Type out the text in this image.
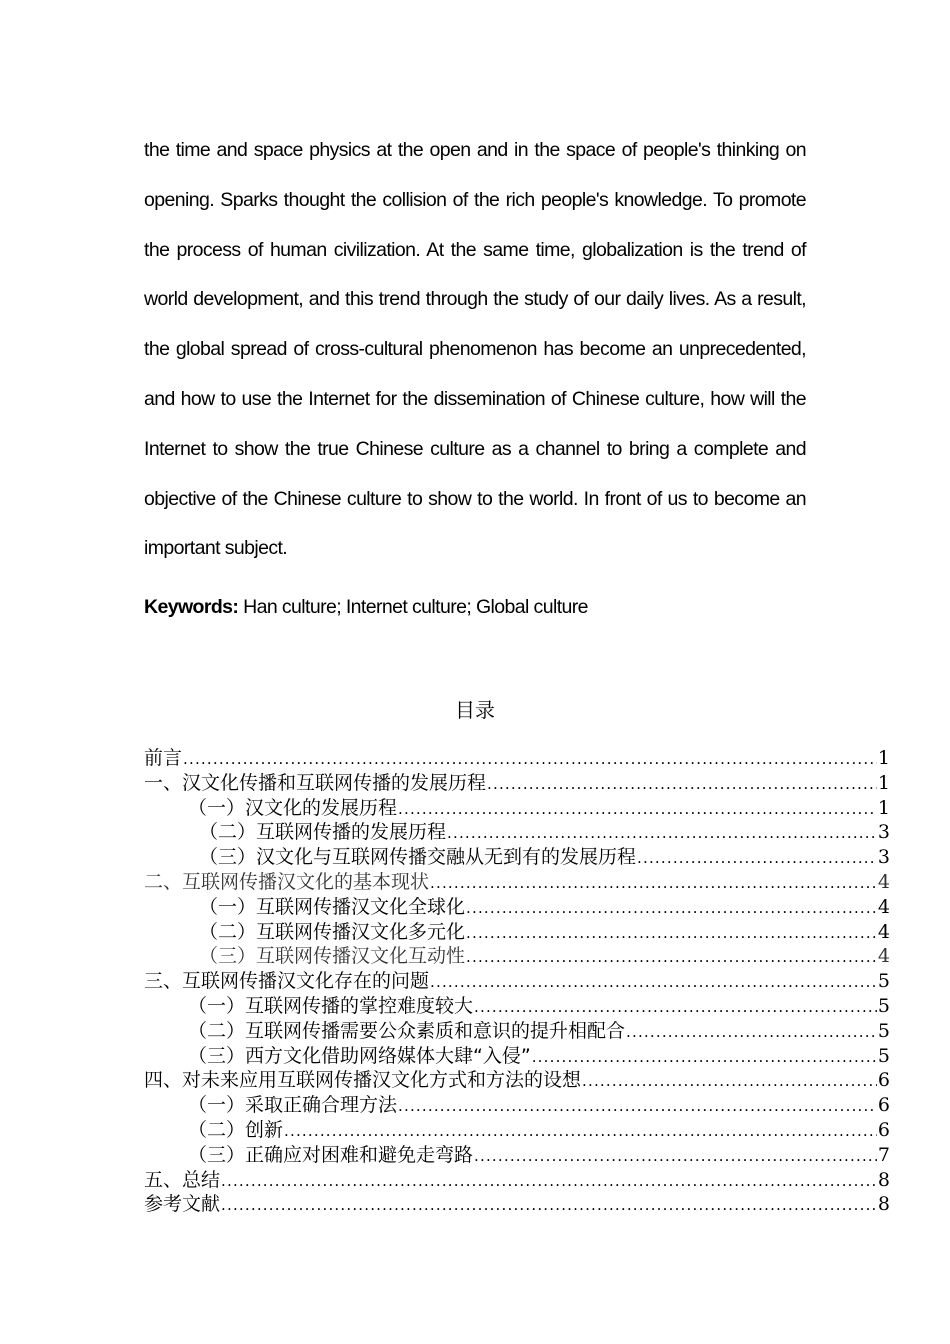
the time and space physics at the open and in the space of people's thinking on
opening. Sparks thought the collision of the rich people's knowledge. To promote
the process of human civilization. At the same time, globalization is the trend of
world development, and this trend through the study of our daily lives. As a result,
the global spread of cross-cultural phenomenon has become an unprecedented,
and how to use the Internet for the dissemination of Chinese culture, how will the
Internet to show the true Chinese culture as a channel to bring a complete and
objective of the Chinese culture to show to the world. In front of us to become an
important subject.
Keywords: Han culture; Internet culture; Global culture
目录
前言 .....	1
一、汉文化传播和互联网传播的发展历程 .....	1
（一）汉文化的发展历程 .....	1
（二）互联网传播的发展历程 .....	3
（三）汉文化与互联网传播交融从无到有的发展历程 .....	3
二、互联网传播汉文化的基本现状 .....	4
（一）互联网传播汉文化全球化 .....	4
（二）互联网传播汉文化多元化 .....	4
（三）互联网传播汉文化互动性 .....	4
三、互联网传播汉文化存在的问题 .....	5
（一）互联网传播的掌控难度较大 .....	5
（二）互联网传播需要公众素质和意识的提升相配合 .....	5
（三）西方文化借助网络媒体大肆“入侵” .....	5
四、对未来应用互联网传播汉文化方式和方法的设想 .....	6
（一）采取正确合理方法 .....	6
（二）创新 .....	6
（三）正确应对困难和避免走弯路 .....	7
五、总结 .....	8
参考文献 .....	8
